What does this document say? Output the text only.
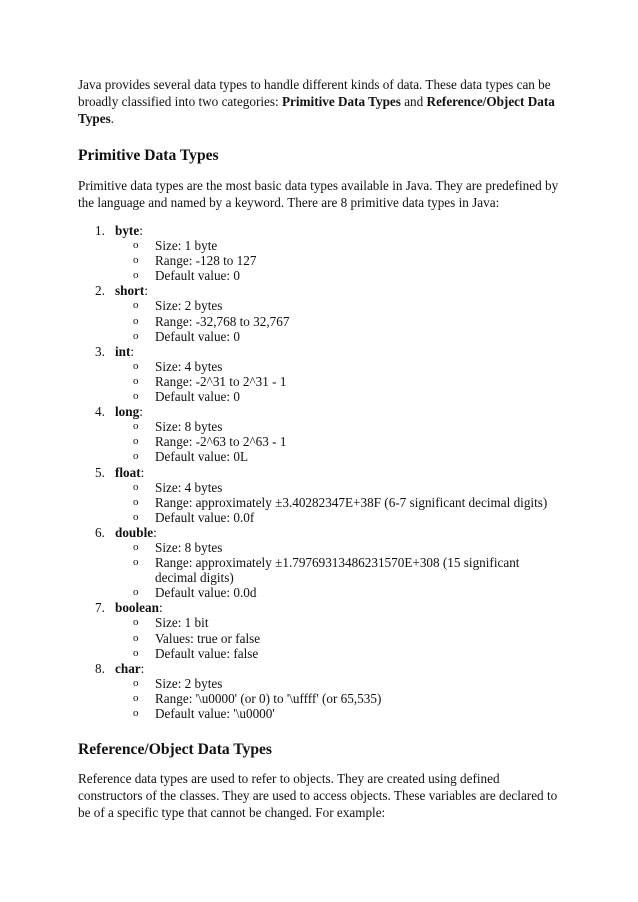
Java provides several data types to handle different kinds of data. These data types can be broadly classified into two categories: Primitive Data Types and Reference/Object Data Types.

Primitive Data Types

Primitive data types are the most basic data types available in Java. They are predefined by the language and named by a keyword. There are 8 primitive data types in Java:

1. byte:
o Size: 1 byte
o Range: -128 to 127
o Default value: 0
2. short:
o Size: 2 bytes
o Range: -32,768 to 32,767
o Default value: 0
3. int:
o Size: 4 bytes
o Range: -2^31 to 2^31 - 1
o Default value: 0
4. long:
o Size: 8 bytes
o Range: -2^63 to 2^63 - 1
o Default value: 0L
5. float:
o Size: 4 bytes
o Range: approximately ±3.40282347E+38F (6-7 significant decimal digits)
o Default value: 0.0f
6. double:
o Size: 8 bytes
o Range: approximately ±1.79769313486231570E+308 (15 significant decimal digits)
o Default value: 0.0d
7. boolean:
o Size: 1 bit
o Values: true or false
o Default value: false
8. char:
o Size: 2 bytes
o Range: '\u0000' (or 0) to '\uffff' (or 65,535)
o Default value: '\u0000'
Reference/Object Data Types

Reference data types are used to refer to objects. They are created using defined constructors of the classes. They are used to access objects. These variables are declared to be of a specific type that cannot be changed. For example:
